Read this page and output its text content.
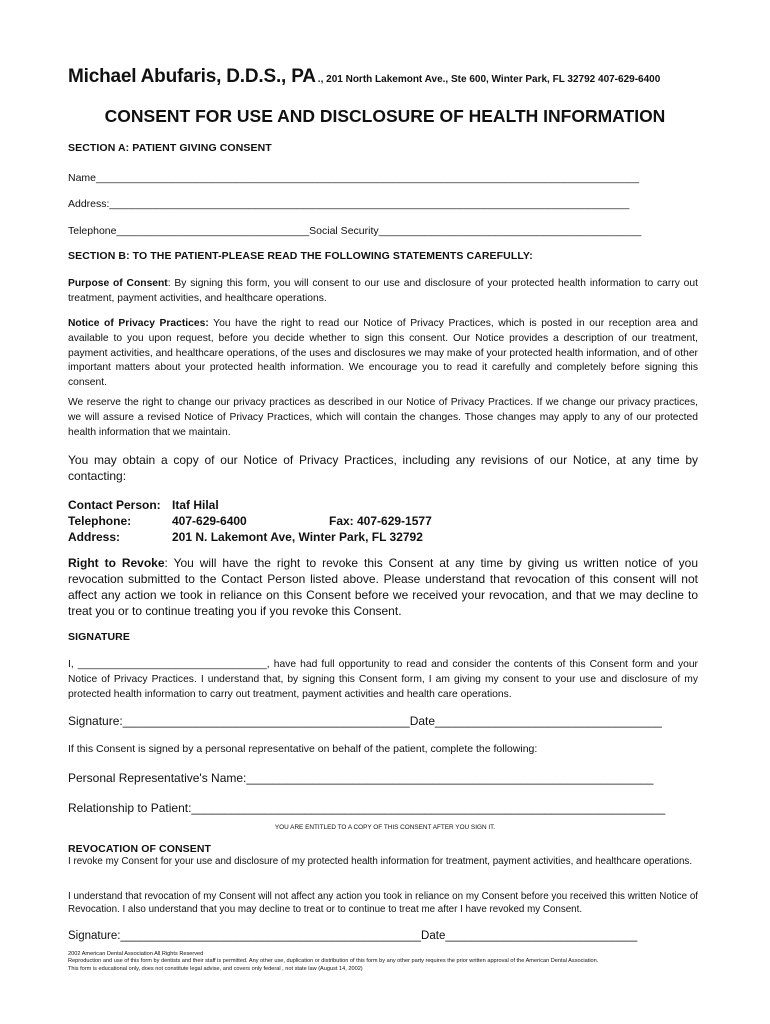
Michael Abufaris, D.D.S., PA ., 201 North Lakemont Ave., Ste 600, Winter Park, FL 32792 407-629-6400
CONSENT FOR USE AND DISCLOSURE OF HEALTH INFORMATION
SECTION A: PATIENT GIVING CONSENT
Name_____________________________________________________________________________________________
Address:_________________________________________________________________________________________
Telephone_________________________________Social Security_____________________________________________
SECTION B: TO THE PATIENT-PLEASE READ THE FOLLOWING STATEMENTS CAREFULLY:
Purpose of Consent: By signing this form, you will consent to our use and disclosure of your protected health information to carry out treatment, payment activities, and healthcare operations.
Notice of Privacy Practices: You have the right to read our Notice of Privacy Practices, which is posted in our reception area and available to you upon request, before you decide whether to sign this consent. Our Notice provides a description of our treatment, payment activities, and healthcare operations, of the uses and disclosures we may make of your protected health information, and of other important matters about your protected health information. We encourage you to read it carefully and completely before signing this consent.
We reserve the right to change our privacy practices as described in our Notice of Privacy Practices. If we change our privacy practices, we will assure a revised Notice of Privacy Practices, which will contain the changes. Those changes may apply to any of our protected health information that we maintain.
You may obtain a copy of our Notice of Privacy Practices, including any revisions of our Notice, at any time by contacting:
Contact Person: Itaf Hilal
Telephone:	407-629-6400	Fax: 407-629-1577
Address:	201 N. Lakemont Ave, Winter Park, FL 32792
Right to Revoke: You will have the right to revoke this Consent at any time by giving us written notice of you revocation submitted to the Contact Person listed above. Please understand that revocation of this consent will not affect any action we took in reliance on this Consent before we received your revocation, and that we may decline to treat you or to continue treating you if you revoke this Consent.
SIGNATURE
I, _________________________________, have had full opportunity to read and consider the contents of this Consent form and your Notice of Privacy Practices. I understand that, by signing this Consent form, I am giving my consent to your use and disclosure of my protected health information to carry out treatment, payment activities and health care operations.
Signature:___________________________________________Date__________________________________
If this Consent is signed by a personal representative on behalf of the patient, complete the following:
Personal Representative's Name:_____________________________________________________________
Relationship to Patient:_______________________________________________________________________
YOU ARE ENTITLED TO A COPY OF THIS CONSENT AFTER YOU SIGN IT.
REVOCATION OF CONSENT
I revoke my Consent for your use and disclosure of my protected health information for treatment, payment activities, and healthcare operations.
I understand that revocation of my Consent will not affect any action you took in reliance on my Consent before you received this written Notice of Revocation. I also understand that you may decline to treat or to continue to treat me after I have revoked my Consent.
Signature:_______________________________________________Date______________________________
2002 American Dental Association All Rights Reserved
Reproduction and use of this form by dentists and their staff is permitted. Any other use, duplication or distribution of this form by any other party requires the prior written approval of the American Dental Association.
This form is educational only, does not constitute legal advise, and covers only federal , not state law (August 14, 2002)
